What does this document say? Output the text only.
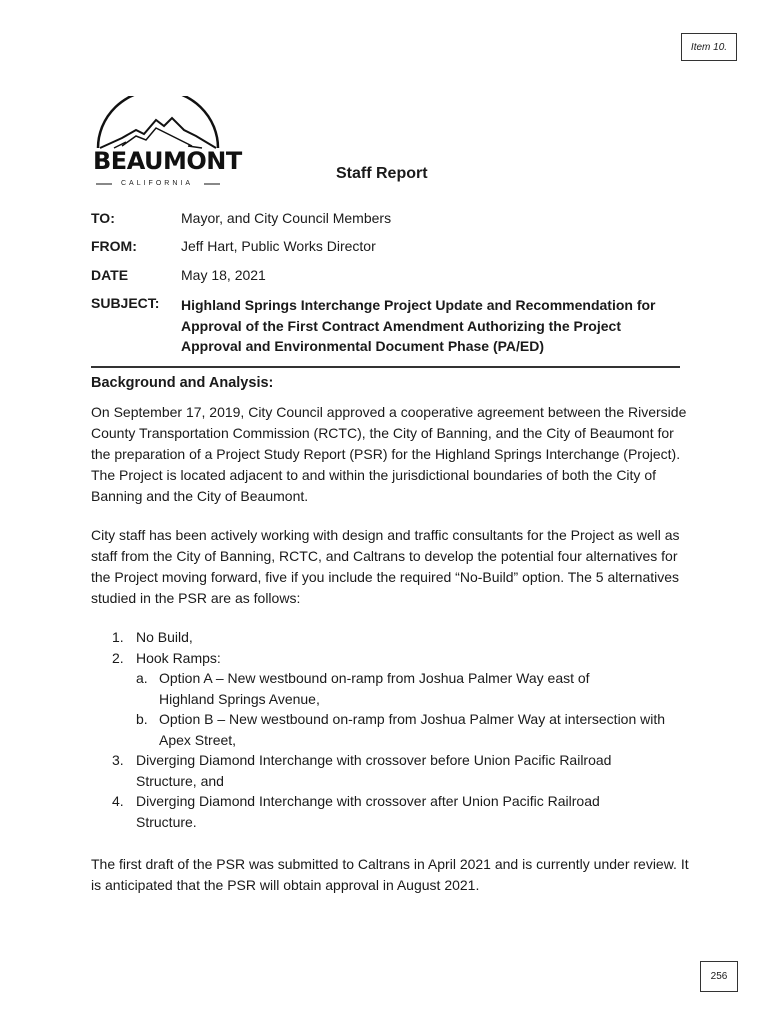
Item 10.
BEAUMONT
CALIFORNIA
Staff Report
TO:	Mayor, and City Council Members
FROM:	Jeff Hart, Public Works Director
DATE	May 18, 2021
SUBJECT: Highland Springs Interchange Project Update and Recommendation for Approval of the First Contract Amendment Authorizing the Project Approval and Environmental Document Phase (PA/ED)
Background and Analysis:
On September 17, 2019, City Council approved a cooperative agreement between the Riverside County Transportation Commission (RCTC), the City of Banning, and the City of Beaumont for the preparation of a Project Study Report (PSR) for the Highland Springs Interchange (Project). The Project is located adjacent to and within the jurisdictional boundaries of both the City of Banning and the City of Beaumont.
City staff has been actively working with design and traffic consultants for the Project as well as staff from the City of Banning, RCTC, and Caltrans to develop the potential four alternatives for the Project moving forward, five if you include the required “No-Build” option. The 5 alternatives studied in the PSR are as follows:
1. No Build,
2. Hook Ramps:
a. Option A – New westbound on-ramp from Joshua Palmer Way east of Highland Springs Avenue,
b. Option B – New westbound on-ramp from Joshua Palmer Way at intersection with Apex Street,
3. Diverging Diamond Interchange with crossover before Union Pacific Railroad Structure, and
4. Diverging Diamond Interchange with crossover after Union Pacific Railroad Structure.
The first draft of the PSR was submitted to Caltrans in April 2021 and is currently under review. It is anticipated that the PSR will obtain approval in August 2021.
256
